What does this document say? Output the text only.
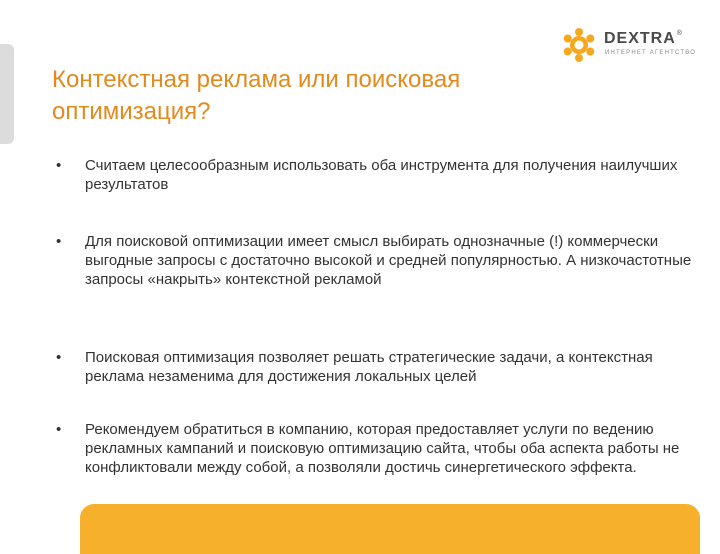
DEXTRA®
ИНТЕРНЕТ АГЕНТСТВО
Контекстная реклама или поисковая оптимизация?
• Считаем целесообразным использовать оба инструмента для получения наилучших результатов
• Для поисковой оптимизации имеет смысл выбирать однозначные (!) коммерчески выгодные запросы с достаточно высокой и средней популярностью. А низкочастотные запросы «накрыть» контекстной рекламой
• Поисковая оптимизация позволяет решать стратегические задачи, а контекстная реклама незаменима для достижения локальных целей
• Рекомендуем обратиться в компанию, которая предоставляет услуги по ведению рекламных кампаний и поисковую оптимизацию сайта, чтобы оба аспекта работы не конфликтовали между собой, а позволяли достичь синергетического эффекта.
